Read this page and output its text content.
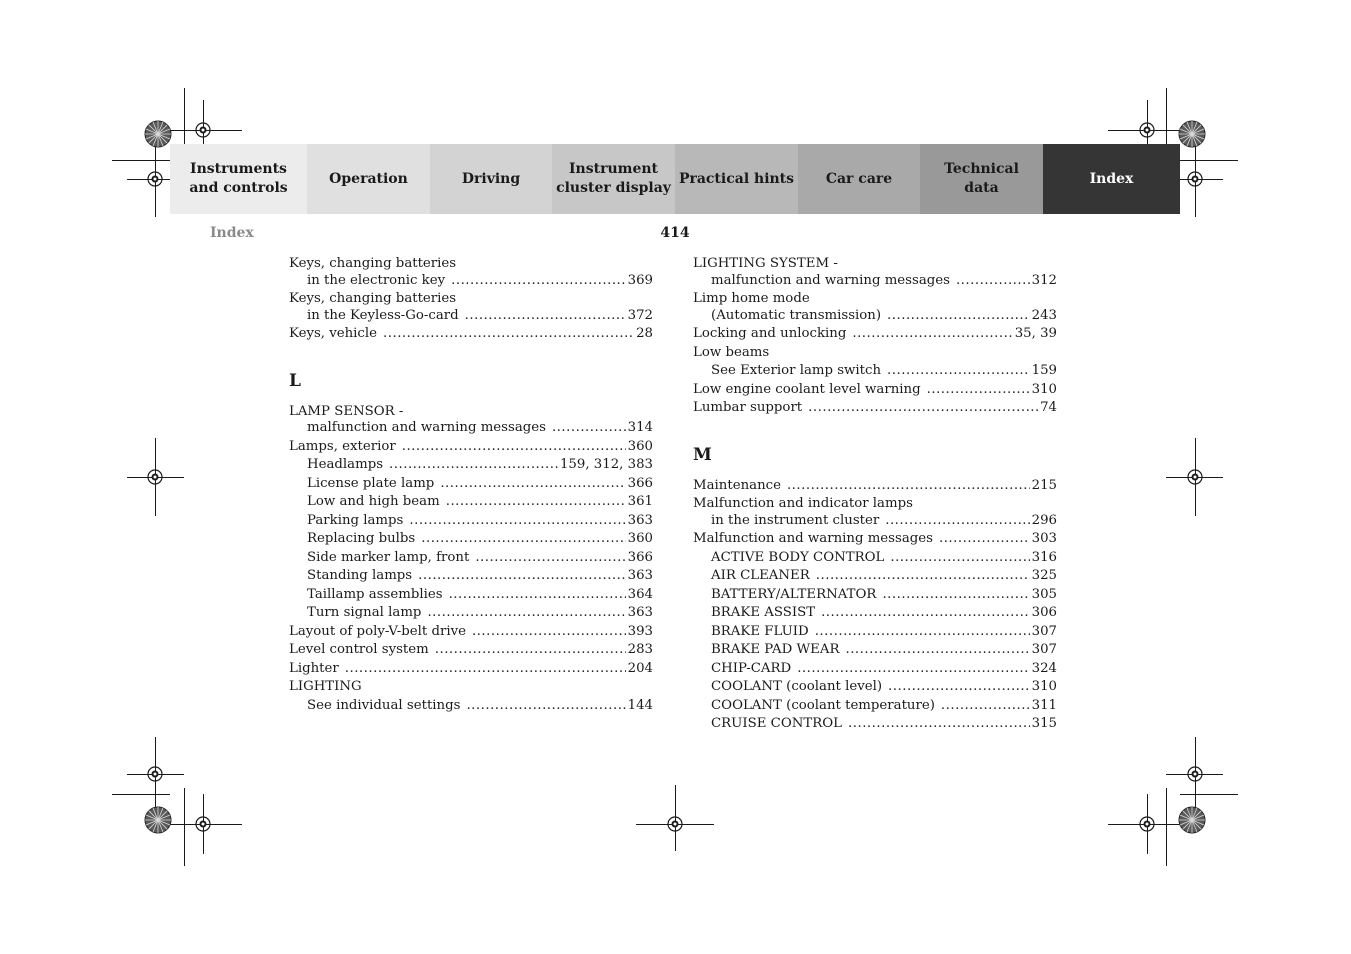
Instruments
and controls
Operation	Driving
Instrument
cluster display
Practical hints	Car care
Technical
data
Index
Index	414
Keys, changing batteries
in the electronic key .....	369
Keys, changing batteries
in the Keyless-Go-card .....	372
Keys, vehicle .....	28
L
LAMP SENSOR -
malfunction and warning messages .....	314
Lamps, exterior .....	360
Headlamps .....	159, 312, 383
License plate lamp .....	366
Low and high beam .....	361
Parking lamps .....	363
Replacing bulbs .....	360
Side marker lamp, front .....	366
Standing lamps .....	363
Taillamp assemblies .....	364
Turn signal lamp .....	363
Layout of poly-V-belt drive .....	393
Level control system .....	283
Lighter .....	204
LIGHTING
See individual settings .....	144
LIGHTING SYSTEM -
malfunction and warning messages .....	312
Limp home mode
(Automatic transmission) .....	243
Locking and unlocking .....	35, 39
Low beams
See Exterior lamp switch .....	159
Low engine coolant level warning .....	310
Lumbar support .....	74
M
Maintenance .....	215
Malfunction and indicator lamps
in the instrument cluster .....	296
Malfunction and warning messages .....	303
ACTIVE BODY CONTROL .....	316
AIR CLEANER .....	325
BATTERY/ALTERNATOR .....	305
BRAKE ASSIST .....	306
BRAKE FLUID .....	307
BRAKE PAD WEAR .....	307
CHIP-CARD .....	324
COOLANT (coolant level) .....	310
COOLANT (coolant temperature) .....	311
CRUISE CONTROL .....	315
